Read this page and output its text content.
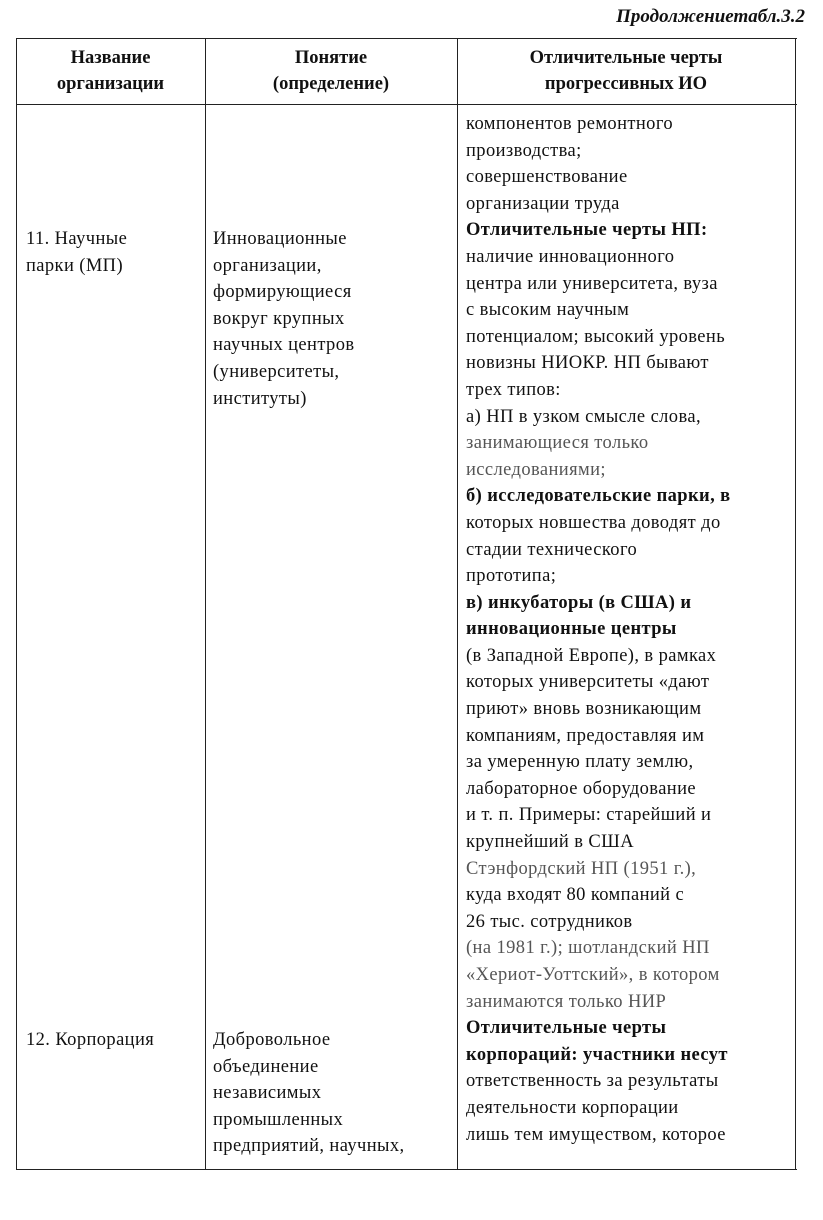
Продолжениетабл.3.2
Название
организации
Понятие
(определение)
Отличительные черты
прогрессивных ИО
11. Научные
парки (МП)
Инновационные
организации,
формирующиеся
вокруг крупных
научных центров
(университеты,
институты)
компонентов ремонтного
производства;
совершенствование
организации труда
Отличительные черты НП:
наличие инновационного
центра или университета, вуза
с высоким научным
потенциалом; высокий уровень
новизны НИОКР. НП бывают
трех типов:
а) НП в узком смысле слова,
занимающиеся только
исследованиями;
б) исследовательские парки, в
которых новшества доводят до
стадии технического
прототипа;
в) инкубаторы (в США) и
инновационные центры
(в Западной Европе), в рамках
которых университеты «дают
приют» вновь возникающим
компаниям, предоставляя им
за умеренную плату землю,
лабораторное оборудование
и т. п. Примеры: старейший и
крупнейший в США
Стэнфордский НП (1951 г.),
куда входят 80 компаний с
26 тыс. сотрудников
(на 1981 г.); шотландский НП
«Хериот-Уоттский», в котором
занимаются только НИР
Отличительные черты
корпораций: участники несут
ответственность за результаты
деятельности корпорации
лишь тем имуществом, которое
12. Корпорация	Добровольное
объединение
независимых
промышленных
предприятий, научных,
